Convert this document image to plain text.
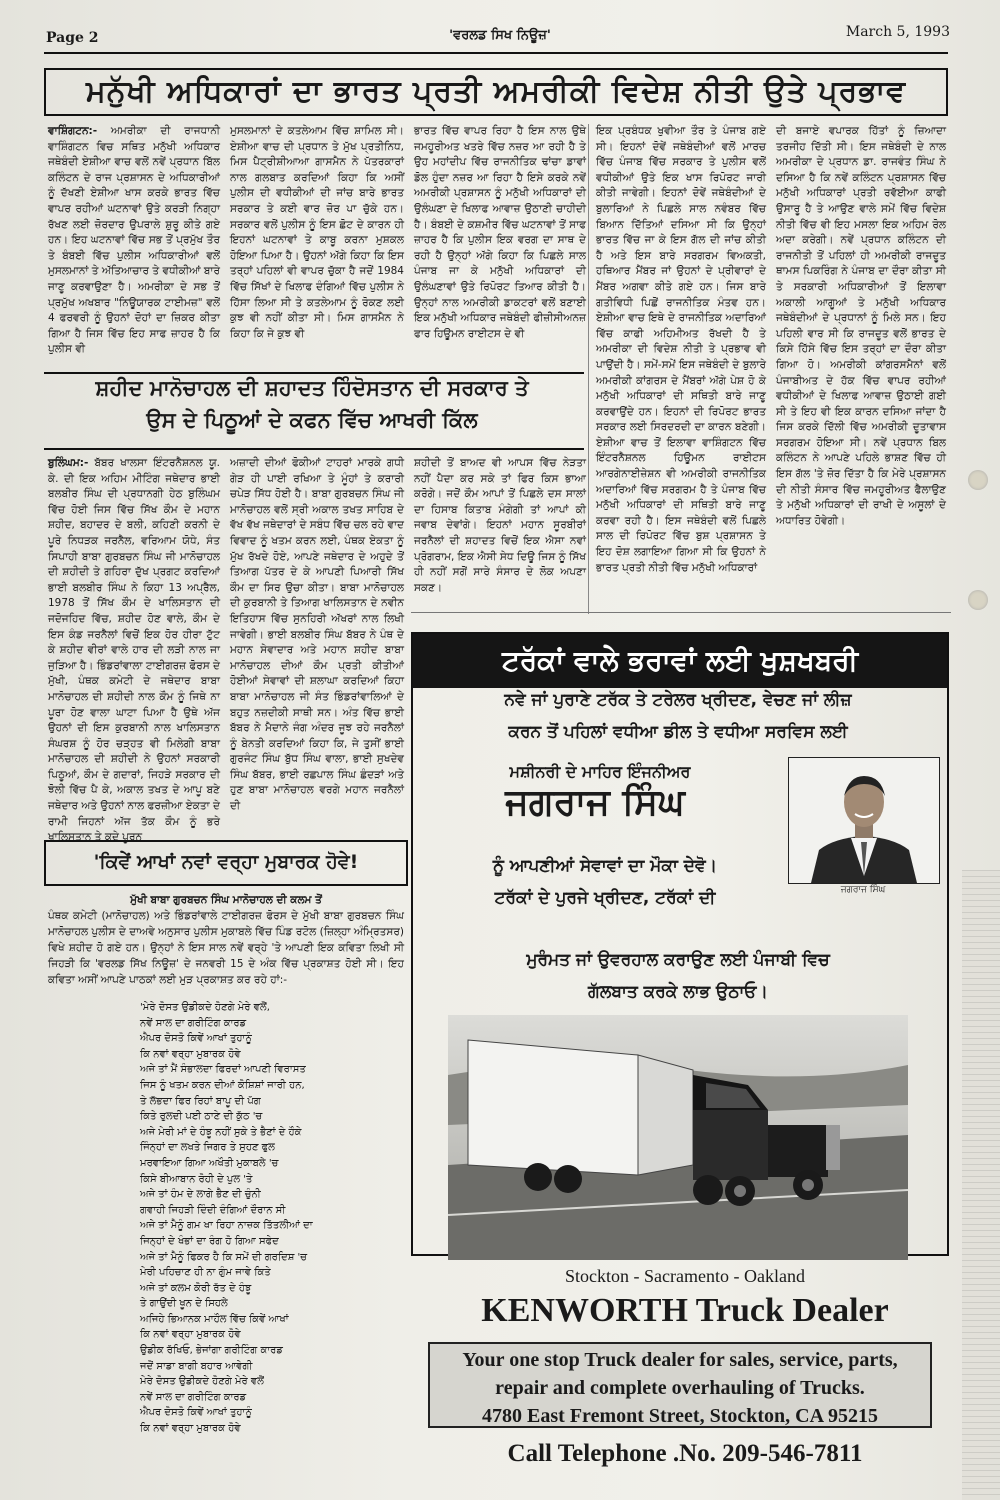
Page 2	'ਵਰਲਡ ਸਿਖ ਨਿਊਜ਼'	March 5, 1993
ਮਨੁੱਖੀ ਅਧਿਕਾਰਾਂ ਦਾ ਭਾਰਤ ਪ੍ਰਤੀ ਅਮਰੀਕੀ ਵਿਦੇਸ਼ ਨੀਤੀ ਉਤੇ ਪ੍ਰਭਾਵ

ਵਾਸ਼ਿੰਗਟਨ:- ਅਮਰੀਕਾ ਦੀ ਰਾਜਧਾਨੀ ਵਾਸ਼ਿੰਗਟਨ ਵਿਚ ਸਥਿਤ ਮਨੁੱਖੀ ਅਧਿਕਾਰ ਜਥੇਬੰਦੀ ਏਸ਼ੀਆ ਵਾਚ ਵਲੋਂ ਨਵੇਂ ਪ੍ਰਧਾਨ ਬਿੱਲ ਕਲਿੰਟਨ ਦੇ ਰਾਜ ਪ੍ਰਸ਼ਾਸਨ ਦੇ ਅਧਿਕਾਰੀਆਂ ਨੂੰ ਦੱਖਣੀ ਏਸ਼ੀਆ ਖਾਸ ਕਰਕੇ ਭਾਰਤ ਵਿੱਚ ਵਾਪਰ ਰਹੀਆਂ ਘਟਨਾਵਾਂ ਉਤੇ ਕਰੜੀ ਨਿਗ੍ਹਾ ਰੱਖਣ ਲਈ ਜ਼ੋਰਦਾਰ ਉਪਰਾਲੇ ਸ਼ੁਰੂ ਕੀਤੇ ਗਏ ਹਨ। ਇਹ ਘਟਨਾਵਾਂ ਵਿੱਚ ਸਭ ਤੋਂ ਪ੍ਰਮੁੱਖ ਤੌਰ ਤੇ ਬੰਬਈ ਵਿੱਚ ਪੁਲੀਸ ਅਧਿਕਾਰੀਆਂ ਵਲੋਂ ਮੁਸਲਮਾਨਾਂ ਤੇ ਅੱਤਿਆਚਾਰ ਤੇ ਵਧੀਕੀਆਂ ਬਾਰੇ ਜਾਣੂ ਕਰਵਾਉਣਾ ਹੈ। ਅਮਰੀਕਾ ਦੇ ਸਭ ਤੋਂ ਪ੍ਰਮੁੱਖ ਅਖਬਾਰ "ਨਿਊਯਾਰਕ ਟਾਈਮਜ਼" ਵਲੋਂ 4 ਫਰਵਰੀ ਨੂੰ ਉਹਨਾਂ ਦੋਹਾਂ ਦਾ ਜ਼ਿਕਰ ਕੀਤਾ ਗਿਆ ਹੈ ਜਿਸ ਵਿੱਚ ਇਹ ਸਾਫ ਜ਼ਾਹਰ ਹੈ ਕਿ ਪੁਲੀਸ ਵੀ

ਮੁਸਲਮਾਨਾਂ ਦੇ ਕਤਲੇਆਮ ਵਿੱਚ ਸ਼ਾਮਿਲ ਸੀ। ਏਸ਼ੀਆ ਵਾਚ ਦੀ ਪ੍ਰਧਾਨ ਤੇ ਮੁੱਖ ਪ੍ਰਤੀਨਿਧ, ਮਿਸ ਪੈਟ੍ਰੀਸ਼ੀਆਆ ਗਾਸਮੈਨ ਨੇ ਪੱਤਰਕਾਰਾਂ ਨਾਲ ਗਲਬਾਤ ਕਰਦਿਆਂ ਕਿਹਾ ਕਿ ਅਸੀਂ ਪੁਲੀਸ ਦੀ ਵਧੀਕੀਆਂ ਦੀ ਜਾਂਚ ਬਾਰੇ ਭਾਰਤ ਸਰਕਾਰ ਤੇ ਕਈ ਵਾਰ ਜ਼ੋਰ ਪਾ ਚੁੱਕੇ ਹਨ। ਸਰਕਾਰ ਵਲੋਂ ਪੁਲੀਸ ਨੂੰ ਇਸ ਛੋਟ ਦੇ ਕਾਰਨ ਹੀ ਇਹਨਾਂ ਘਟਨਾਵਾਂ ਤੇ ਕਾਬੂ ਕਰਨਾ ਮੁਸ਼ਕਲ ਹੋਇਆ ਪਿਆ ਹੈ। ਉਹਨਾਂ ਅੱਗੇ ਕਿਹਾ ਕਿ ਇਸ ਤਰ੍ਹਾਂ ਪਹਿਲਾਂ ਵੀ ਵਾਪਰ ਚੁੱਕਾ ਹੈ ਜਦੋਂ 1984 ਵਿੱਚ ਸਿੱਖਾਂ ਦੇ ਖਿਲਾਫ ਦੰਗਿਆਂ ਵਿੱਚ ਪੁਲੀਸ ਨੇ ਹਿੱਸਾ ਲਿਆ ਸੀ ਤੇ ਕਤਲੇਆਮ ਨੂੰ ਰੋਕਣ ਲਈ ਕੁਝ ਵੀ ਨਹੀਂ ਕੀਤਾ ਸੀ। ਮਿਸ ਗਾਸਮੈਨ ਨੇ ਕਿਹਾ ਕਿ ਜੇ ਕੁਝ ਵੀ

ਭਾਰਤ ਵਿੱਚ ਵਾਪਰ ਰਿਹਾ ਹੈ ਇਸ ਨਾਲ ਉਥੇ ਜਮਹੂਰੀਅਤ ਖਤਰੇ ਵਿੱਚ ਨਜ਼ਰ ਆ ਰਹੀ ਹੈ ਤੇ ਉਹ ਮਹਾਂਦੀਪ ਵਿੱਚ ਰਾਜਨੀਤਿਕ ਢਾਂਚਾ ਡਾਵਾਂ ਡੋਲ ਹੁੰਦਾ ਨਜ਼ਰ ਆ ਰਿਹਾ ਹੈ ਇਸੇ ਕਰਕੇ ਨਵੇਂ ਅਮਰੀਕੀ ਪ੍ਰਸ਼ਾਸਨ ਨੂੰ ਮਨੁੱਖੀ ਅਧਿਕਾਰਾਂ ਦੀ ਉਲੰਘਣਾ ਦੇ ਖਿਲਾਫ ਆਵਾਜ਼ ਉਠਾਣੀ ਚਾਹੀਦੀ ਹੈ। ਬੰਬਈ ਦੇ ਕਸ਼ਮੀਰ ਵਿੱਚ ਘਟਨਾਵਾਂ ਤੋਂ ਸਾਫ ਜ਼ਾਹਰ ਹੈ ਕਿ ਪੁਲੀਸ ਇਕ ਵਰਗ ਦਾ ਸਾਥ ਦੇ ਰਹੀ ਹੈ ਉਨ੍ਹਾਂ ਅੱਗੇ ਕਿਹਾ ਕਿ ਪਿਛਲੇ ਸਾਲ ਪੰਜਾਬ ਜਾ ਕੇ ਮਨੁੱਖੀ ਅਧਿਕਾਰਾਂ ਦੀ ਉਲੰਘਣਾਵਾਂ ਉਤੇ ਰਿਪੋਰਟ ਤਿਆਰ ਕੀਤੀ ਹੈ। ਉਨ੍ਹਾਂ ਨਾਲ ਅਮਰੀਕੀ ਡਾਕਟਰਾਂ ਵਲੋਂ ਬਣਾਈ ਇਕ ਮਨੁੱਖੀ ਅਧਿਕਾਰ ਜਥੇਬੰਦੀ ਫੀਜ਼ੀਸੀਅਨਜ਼ ਫਾਰ ਹਿਊਮਨ ਰਾਈਟਸ ਦੇ ਵੀ

ਇਕ ਪ੍ਰਬੰਧਕ ਖੁਵੀਆ ਤੌਰ ਤੇ ਪੰਜਾਬ ਗਏ ਸੀ। ਇਹਨਾਂ ਦੋਵੇਂ ਜਥੇਬੰਦੀਆਂ ਵਲੋਂ ਮਾਰਚ ਵਿੱਚ ਪੰਜਾਬ ਵਿੱਚ ਸਰਕਾਰ ਤੇ ਪੁਲੀਸ ਵਲੋਂ ਵਧੀਕੀਆਂ ਉਤੇ ਇਕ ਖਾਸ ਰਿਪੋਰਟ ਜਾਰੀ ਕੀਤੀ ਜਾਵੇਗੀ। ਇਹਨਾਂ ਦੋਵੇਂ ਜਥੇਬੰਦੀਆਂ ਦੇ ਬੁਲਾਰਿਆਂ ਨੇ ਪਿਛਲੇ ਸਾਲ ਨਵੰਬਰ ਵਿੱਚ ਬਿਆਨ ਦਿੱਤਿਆਂ ਦਸਿਆ ਸੀ ਕਿ ਉਨ੍ਹਾਂ ਭਾਰਤ ਵਿੱਚ ਜਾ ਕੇ ਇਸ ਗੱਲ ਦੀ ਜਾਂਚ ਕੀਤੀ ਹੈ ਅਤੇ ਇਸ ਬਾਰੇ ਸਰਗਰਮ ਵਿਅਕਤੀ, ਹਥਿਆਰ ਮੈਂਬਰ ਜਾਂ ਉਹਨਾਂ ਦੇ ਪ੍ਰੀਵਾਰਾਂ ਦੇ ਮੈਂਬਰ ਅਗਵਾ ਕੀਤੇ ਗਏ ਹਨ। ਜਿਸ ਬਾਰੇ ਗਤੀਵਿਧੀ ਪਿਛੋਂ ਰਾਜਨੀਤਿਕ ਮੰਤਵ ਹਨ। ਏਸ਼ੀਆ ਵਾਚ ਇਥੇ ਦੇ ਰਾਜਨੀਤਿਕ ਅਦਾਰਿਆਂ ਵਿੱਚ ਕਾਫੀ ਅਹਿਮੀਅਤ ਰੱਖਦੀ ਹੈ ਤੇ ਅਮਰੀਕਾ ਦੀ ਵਿਦੇਸ਼ ਨੀਤੀ ਤੇ ਪ੍ਰਭਾਵ ਵੀ ਪਾਉਂਦੀ ਹੈ। ਸਮੇਂ-ਸਮੇਂ ਇਸ ਜਥੇਬੰਦੀ ਦੇ ਬੁਲਾਰੇ ਅਮਰੀਕੀ ਕਾਂਗਰਸ ਦੇ ਮੈਂਬਰਾਂ ਅੱਗੇ ਪੇਸ਼ ਹੋ ਕੇ ਮਨੁੱਖੀ ਅਧਿਕਾਰਾਂ ਦੀ ਸਥਿਤੀ ਬਾਰੇ ਜਾਣੂ ਕਰਵਾਉਂਦੇ ਹਨ। ਇਹਨਾਂ ਦੀ ਰਿਪੋਰਟ ਭਾਰਤ ਸਰਕਾਰ ਲਈ ਸਿਰਦਰਦੀ ਦਾ ਕਾਰਨ ਬਣੇਗੀ। ਏਸ਼ੀਆ ਵਾਚ ਤੋਂ ਇਲਾਵਾ ਵਾਸ਼ਿੰਗਟਨ ਵਿੱਚ ਇੰਟਰਨੈਸ਼ਨਲ ਹਿਊਮਨ ਰਾਈਟਸ ਆਰਗੇਨਾਈਜ਼ੇਸ਼ਨ ਵੀ ਅਮਰੀਕੀ ਰਾਜਨੀਤਿਕ ਅਦਾਰਿਆਂ ਵਿੱਚ ਸਰਗਰਮ ਹੈ ਤੇ ਪੰਜਾਬ ਵਿੱਚ ਮਨੁੱਖੀ ਅਧਿਕਾਰਾਂ ਦੀ ਸਥਿਤੀ ਬਾਰੇ ਜਾਣੂ ਕਰਵਾ ਰਹੀ ਹੈ। ਇਸ ਜਥੇਬੰਦੀ ਵਲੋਂ ਪਿਛਲੇ ਸਾਲ ਦੀ ਰਿਪੋਰਟ ਵਿੱਚ ਬੁਸ਼ ਪ੍ਰਸ਼ਾਸਨ ਤੇ ਇਹ ਦੋਸ਼ ਲਗਾਇਆ ਗਿਆ ਸੀ ਕਿ ਉਹਨਾਂ ਨੇ ਭਾਰਤ ਪ੍ਰਤੀ ਨੀਤੀ ਵਿੱਚ ਮਨੁੱਖੀ ਅਧਿਕਾਰਾਂ

ਦੀ ਬਜਾਏ ਵਪਾਰਕ ਹਿੱਤਾਂ ਨੂੰ ਜ਼ਿਆਦਾ ਤਰਜੀਹ ਦਿੱਤੀ ਸੀ। ਇਸ ਜਥੇਬੰਦੀ ਦੇ ਨਾਲ ਅਮਰੀਕਾ ਦੇ ਪ੍ਰਧਾਨ ਡਾ. ਰਾਜਵੰਤ ਸਿੰਘ ਨੇ ਦਸਿਆ ਹੈ ਕਿ ਨਵੇਂ ਕਲਿੰਟਨ ਪ੍ਰਸ਼ਾਸਨ ਵਿੱਚ ਮਨੁੱਖੀ ਅਧਿਕਾਰਾਂ ਪ੍ਰਤੀ ਰਵੱਈਆ ਕਾਫੀ ਉਸਾਰੂ ਹੈ ਤੇ ਆਉਣ ਵਾਲੇ ਸਮੇਂ ਵਿੱਚ ਵਿਦੇਸ਼ ਨੀਤੀ ਵਿੱਚ ਵੀ ਇਹ ਮਸਲਾ ਇਕ ਅਹਿਮ ਰੋਲ ਅਦਾ ਕਰੇਗੀ। ਨਵੇਂ ਪ੍ਰਧਾਨ ਕਲਿੰਟਨ ਦੀ ਰਾਜਨੀਤੀ ਤੋਂ ਪਹਿਲਾਂ ਹੀ ਅਮਰੀਕੀ ਰਾਜਦੂਤ ਥਾਮਸ ਪਿਕਰਿੰਗ ਨੇ ਪੰਜਾਬ ਦਾ ਦੌਰਾ ਕੀਤਾ ਸੀ ਤੇ ਸਰਕਾਰੀ ਅਧਿਕਾਰੀਆਂ ਤੋਂ ਇਲਾਵਾ ਅਕਾਲੀ ਆਗੂਆਂ ਤੇ ਮਨੁੱਖੀ ਅਧਿਕਾਰ ਜਥੇਬੰਦੀਆਂ ਦੇ ਪ੍ਰਧਾਨਾਂ ਨੂੰ ਮਿਲੇ ਸਨ। ਇਹ ਪਹਿਲੀ ਵਾਰ ਸੀ ਕਿ ਰਾਜਦੂਤ ਵਲੋਂ ਭਾਰਤ ਦੇ ਕਿਸੇ ਹਿੱਸੇ ਵਿੱਚ ਇਸ ਤਰ੍ਹਾਂ ਦਾ ਦੌਰਾ ਕੀਤਾ ਗਿਆ ਹੋ। ਅਮਰੀਕੀ ਕਾਂਗਰਸਮੈਨਾਂ ਵਲੋਂ ਪੰਜਾਬੀਅਤ ਦੇ ਹੱਕ ਵਿੱਚ ਵਾਪਰ ਰਹੀਆਂ ਵਧੀਕੀਆਂ ਦੇ ਖਿਲਾਫ ਆਵਾਜ਼ ਉਠਾਈ ਗਈ ਸੀ ਤੇ ਇਹ ਵੀ ਇਕ ਕਾਰਨ ਦਸਿਆ ਜਾਂਦਾ ਹੈ ਜਿਸ ਕਰਕੇ ਦਿੱਲੀ ਵਿੱਚ ਅਮਰੀਕੀ ਦੂਤਾਵਾਸ ਸਰਗਰਮ ਹੋਇਆ ਸੀ। ਨਵੇਂ ਪ੍ਰਧਾਨ ਬਿਲ ਕਲਿੰਟਨ ਨੇ ਆਪਣੇ ਪਹਿਲੇ ਭਾਸ਼ਣ ਵਿੱਚ ਹੀ ਇਸ ਗੱਲ 'ਤੇ ਜ਼ੋਰ ਦਿੱਤਾ ਹੈ ਕਿ ਮੇਰੇ ਪ੍ਰਸ਼ਾਸਨ ਦੀ ਨੀਤੀ ਸੰਸਾਰ ਵਿੱਚ ਜਮਹੂਰੀਅਤ ਫੈਲਾਉਣ ਤੇ ਮਨੁੱਖੀ ਅਧਿਕਾਰਾਂ ਦੀ ਰਾਖੀ ਦੇ ਅਸੂਲਾਂ ਦੇ ਅਧਾਰਿਤ ਹੋਵੇਗੀ।

ਸ਼ਹੀਦ ਮਾਨੋਚਾਹਲ ਦੀ ਸ਼ਹਾਦਤ ਹਿੰਦੋਸਤਾਨ ਦੀ ਸਰਕਾਰ ਤੇ
ਉਸ ਦੇ ਪਿਠੂਆਂ ਦੇ ਕਫਨ ਵਿੱਚ ਆਖਰੀ ਕਿੱਲ

ਬੁਲਿੰਘਮ:- ਬੱਬਰ ਖਾਲਸਾ ਇੰਟਰਨੈਸ਼ਨਲ ਯੂ. ਕੇ. ਦੀ ਇਕ ਅਹਿਮ ਮੀਟਿੰਗ ਜਥੇਦਾਰ ਭਾਈ ਬਲਬੀਰ ਸਿੰਘ ਦੀ ਪ੍ਰਧਾਨਗੀ ਹੇਠ ਬੁਲਿੰਘਮ ਵਿੱਚ ਹੋਈ ਜਿਸ ਵਿੱਚ ਸਿੱਖ ਕੌਮ ਦੇ ਮਹਾਨ ਸ਼ਹੀਦ, ਬਹਾਦਰ ਦੇ ਬਲੀ, ਕਹਿਣੀ ਕਰਨੀ ਦੇ ਪੂਰੇ ਨਿਧੜਕ ਜਰਨੈਲ, ਵਰਿਆਮ ਯੋਧੇ, ਸੰਤ ਸਿਪਾਹੀ ਬਾਬਾ ਗੁਰਬਚਨ ਸਿੰਘ ਜੀ ਮਾਨੋਚਾਹਲ ਦੀ ਸ਼ਹੀਦੀ ਤੇ ਗਹਿਰਾ ਦੁੱਖ ਪ੍ਰਗਟ ਕਰਦਿਆਂ ਭਾਈ ਬਲਬੀਰ ਸਿੰਘ ਨੇ ਕਿਹਾ 13 ਅਪ੍ਰੈਲ, 1978 ਤੋਂ ਸਿੱਖ ਕੌਮ ਦੇ ਖਾਲਿਸਤਾਨ ਦੀ ਜਦੋਜਹਿਦ ਵਿੱਚ, ਸ਼ਹੀਦ ਹੋਣ ਵਾਲੇ, ਕੌਮ ਦੇ ਇਸ ਕੰਡ ਜਰਨੈਲਾਂ ਵਿਚੋਂ ਇਕ ਹੋਰ ਹੀਰਾ ਟੁੱਟ ਕੇ ਸ਼ਹੀਦ ਵੀਰਾਂ ਵਾਲੇ ਹਾਰ ਦੀ ਲੜੀ ਨਾਲ ਜਾ ਜੁੜਿਆ ਹੈ। ਭਿੰਡਰਾਂਵਾਲਾ ਟਾਈਗਰਜ਼ ਫੋਰਸ ਦੇ ਮੁੱਖੀ, ਪੰਥਕ ਕਮੇਟੀ ਦੇ ਜਥੇਦਾਰ ਬਾਬਾ ਮਾਨੋਚਾਹਲ ਦੀ ਸ਼ਹੀਦੀ ਨਾਲ ਕੌਮ ਨੂੰ ਜਿਥੇ ਨਾ ਪੂਰਾ ਹੋਣ ਵਾਲਾ ਘਾਟਾ ਪਿਆ ਹੈ ਉਥੇ ਅੱਜ ਉਹਨਾਂ ਦੀ ਇਸ ਕੁਰਬਾਨੀ ਨਾਲ ਖਾਲਿਸਤਾਨ ਸੰਘਰਸ਼ ਨੂੰ ਹੋਰ ਚੜ੍ਹਤ ਵੀ ਮਿਲੇਗੀ ਬਾਬਾ ਮਾਨੋਚਾਹਲ ਦੀ ਸ਼ਹੀਦੀ ਨੇ ਉਹਨਾਂ ਸਰਕਾਰੀ ਪਿਠੂਆਂ, ਕੌਮ ਦੇ ਗਦਾਰਾਂ, ਜਿਹੜੇ ਸਰਕਾਰ ਦੀ ਝੋਲੀ ਵਿੱਚ ਪੈ ਕੇ, ਅਕਾਲ ਤਖਤ ਦੇ ਆਪੂ ਬਣੇ ਜਥੇਦਾਰ ਅਤੇ ਉਹਨਾਂ ਨਾਲ ਫਰਜ਼ੀਆ ਏਕਤਾ ਦੇ ਰਾਮੀ ਜਿਹਨਾਂ ਅੱਜ ਤੱਕ ਕੌਮ ਨੂੰ ਭਰੇ ਖਾਲਿਸਤਾਨ ਤੇ ਕਦੇ ਪੂਰਨ

ਅਜ਼ਾਦੀ ਦੀਆਂ ਫੋਕੀਆਂ ਟਾਹਰਾਂ ਮਾਰਕੇ ਗਧੀ ਗੇੜ ਹੀ ਪਾਈ ਰਖਿਆ ਤੇ ਮੂੰਹਾਂ ਤੇ ਕਰਾਰੀ ਚਪੇੜ ਸਿੱਧ ਹੋਈ ਹੈ। ਬਾਬਾ ਗੁਰਬਚਨ ਸਿੰਘ ਜੀ ਮਾਨੋਚਾਹਲ ਵਲੋਂ ਸ੍ਰੀ ਅਕਾਲ ਤਖਤ ਸਾਹਿਬ ਦੇ ਵੱਖ ਵੱਖ ਜਥੇਦਾਰਾਂ ਦੇ ਸਬੰਧ ਵਿੱਚ ਚਲ ਰਹੇ ਵਾਦ ਵਿਵਾਦ ਨੂੰ ਖਤਮ ਕਰਨ ਲਈ, ਪੰਥਕ ਏਕਤਾ ਨੂੰ ਮੁੱਖ ਰੱਖਦੇ ਹੋਏ, ਆਪਣੇ ਜਥੇਦਾਰ ਦੇ ਅਹੁਦੇ ਤੋਂ ਤਿਆਗ ਪੱਤਰ ਦੇ ਕੇ ਆਪਣੀ ਪਿਆਰੀ ਸਿੱਖ ਕੌਮ ਦਾ ਸਿਰ ਉਚਾ ਕੀਤਾ। ਬਾਬਾ ਮਾਨੋਚਾਹਲ ਦੀ ਕੁਰਬਾਨੀ ਤੇ ਤਿਆਗ ਖਾਲਿਸਤਾਨ ਦੇ ਨਵੀਨ ਇਤਿਹਾਸ ਵਿੱਚ ਸੁਨਹਿਰੀ ਅੱਖਰਾਂ ਨਾਲ ਲਿਖੀ ਜਾਵੇਗੀ। ਭਾਈ ਬਲਬੀਰ ਸਿੰਘ ਬੱਬਰ ਨੇ ਪੰਥ ਦੇ ਮਹਾਨ ਸੇਵਾਦਾਰ ਅਤੇ ਮਹਾਨ ਸ਼ਹੀਦ ਬਾਬਾ ਮਾਨੋਚਾਹਲ ਦੀਆਂ ਕੌਮ ਪ੍ਰਤੀ ਕੀਤੀਆਂ ਹੋਈਆਂ ਸੇਵਾਵਾਂ ਦੀ ਸ਼ਲਾਘਾ ਕਰਦਿਆਂ ਕਿਹਾ ਬਾਬਾ ਮਾਨੋਚਾਹਲ ਜੀ ਸੰਤ ਭਿੰਡਰਾਂਵਾਲਿਆਂ ਦੇ ਬਹੁਤ ਨਜ਼ਦੀਕੀ ਸਾਥੀ ਸਨ। ਅੰਤ ਵਿੱਚ ਭਾਈ ਬੱਬਰ ਨੇ ਮੈਦਾਨੇ ਜੰਗ ਅੰਦਰ ਜੂਝ ਰਹੇ ਜਰਨੈਲਾਂ ਨੂੰ ਬੇਨਤੀ ਕਰਦਿਆਂ ਕਿਹਾ ਕਿ, ਜੇ ਤੁਸੀਂ ਭਾਈ ਗੁਰਜੰਟ ਸਿੰਘ ਬੁੱਧ ਸਿੰਘ ਵਾਲਾ, ਭਾਈ ਸੁਖਦੇਵ ਸਿੰਘ ਬੱਬਰ, ਭਾਈ ਰਛਪਾਲ ਸਿੰਘ ਛੰਦੜਾਂ ਅਤੇ ਹੁਣ ਬਾਬਾ ਮਾਨੋਚਾਹਲ ਵਰਗੇ ਮਹਾਨ ਜਰਨੈਲਾਂ ਦੀ

ਸ਼ਹੀਦੀ ਤੋਂ ਬਾਅਦ ਵੀ ਆਪਸ ਵਿੱਚ ਨੇੜਤਾ ਨਹੀਂ ਪੈਦਾ ਕਰ ਸਕੇ ਤਾਂ ਫਿਰ ਕਿਸ ਭਾਆ ਕਰੋਗੇ। ਜਦੋਂ ਕੌਮ ਆਪਾਂ ਤੋਂ ਪਿਛਲੇ ਦਸ ਸਾਲਾਂ ਦਾ ਹਿਸਾਬ ਕਿਤਾਬ ਮੰਗੇਗੀ ਤਾਂ ਆਪਾਂ ਕੀ ਜਵਾਬ ਦੇਵਾਂਗੇ। ਇਹਨਾਂ ਮਹਾਨ ਸੂਰਬੀਰਾਂ ਜਰਨੈਲਾਂ ਦੀ ਸ਼ਹਾਦਤ ਵਿਚੋਂ ਇਕ ਐਸਾ ਨਵਾਂ ਪ੍ਰੋਗਰਾਮ, ਇਕ ਐਸੀ ਸੇਧ ਦਿਊ ਜਿਸ ਨੂੰ ਸਿੱਖ ਹੀ ਨਹੀਂ ਸਗੋਂ ਸਾਰੇ ਸੰਸਾਰ ਦੇ ਲੋਕ ਅਪਣਾ ਸਕਣ।

'ਕਿਵੇਂ ਆਖਾਂ ਨਵਾਂ ਵਰ੍ਹਾ ਮੁਬਾਰਕ ਹੋਵੇ!
ਮੁੱਖੀ ਬਾਬਾ ਗੁਰਬਚਨ ਸਿੰਘ ਮਾਨੋਚਾਹਲ ਦੀ ਕਲਮ ਤੋਂ
ਪੰਥਕ ਕਮੇਟੀ (ਮਾਨੋਚਾਹਲ) ਅਤੇ ਭਿੰਡਰਾਂਵਾਲੇ ਟਾਈਗਰਜ਼ ਫੋਰਸ ਦੇ ਮੁੱਖੀ ਬਾਬਾ ਗੁਰਬਚਨ ਸਿੰਘ ਮਾਨੋਚਾਹਲ ਪੁਲੀਸ ਦੇ ਦਾਅਵੇ ਅਨੁਸਾਰ ਪੁਲੀਸ ਮੁਕਾਬਲੇ ਵਿੱਚ ਪਿੰਡ ਰਟੋਲ (ਜ਼ਿਲ੍ਹਾ ਅੰਮ੍ਰਿਤਸਰ) ਵਿਖੇ ਸ਼ਹੀਦ ਹੋ ਗਏ ਹਨ। ਉਨ੍ਹਾਂ ਨੇ ਇਸ ਸਾਲ ਨਵੇਂ ਵਰ੍ਹੇ 'ਤੇ ਆਪਣੀ ਇਕ ਕਵਿਤਾ ਲਿਖੀ ਸੀ ਜਿਹੜੀ ਕਿ 'ਵਰਲਡ ਸਿੱਖ ਨਿਊਜ਼' ਦੇ ਜਨਵਰੀ 15 ਦੇ ਅੰਕ ਵਿੱਚ ਪ੍ਰਕਾਸ਼ਤ ਹੋਈ ਸੀ। ਇਹ ਕਵਿਤਾ ਅਸੀਂ ਆਪਣੇ ਪਾਠਕਾਂ ਲਈ ਮੁੜ ਪ੍ਰਕਾਸ਼ਤ ਕਰ ਰਹੇ ਹਾਂ:-
'ਮੇਰੇ ਦੋਸਤ ਉਡੀਕਦੇ ਹੋਣਗੇ ਮੇਰੇ ਵਲੋਂ,
ਨਵੇਂ ਸਾਲ ਦਾ ਗਰੀਟਿੰਗ ਕਾਰਡ
ਐਪਰ ਦੋਸਤੋ ਕਿਵੇਂ ਆਖਾਂ ਤੁਹਾਨੂੰ
ਕਿ ਨਵਾਂ ਵਰ੍ਹਾ ਮੁਬਾਰਕ ਹੋਵੇ
ਅਜੇ ਤਾਂ ਮੈਂ ਸੰਭਾਲਦਾ ਫਿਰਦਾਂ ਆਪਣੀ ਵਿਰਾਸਤ
ਜਿਸ ਨੂੰ ਖਤਮ ਕਰਨ ਦੀਆਂ ਕੋਸ਼ਿਸ਼ਾਂ ਜਾਰੀ ਹਨ,
ਤੇ ਲੱਭਦਾ ਫਿਰ ਰਿਹਾਂ ਬਾਪੂ ਦੀ ਪੱਗ
ਕਿਤੇ ਰੁਲਦੀ ਪਈ ਠਾਣੇ ਦੀ ਕੁੱਠ 'ਚ
ਅਜੇ ਮੇਰੀ ਮਾਂ ਦੇ ਹੰਝੂ ਨਹੀਂ ਸੁਕੇ ਤੇ ਭੈਣਾਂ ਦੇ ਹੌਕੇ
ਜਿੰਨ੍ਹਾਂ ਦਾ ਲਖਤੇ ਜਿਗਰ ਤੇ ਸੁਹਣ ਫੁਲ
ਮਰਵਾਇਆ ਗਿਆ ਅਖੌਤੀ ਮੁਕਾਬਲੇ 'ਚ
ਕਿਸੇ ਬੀਆਬਾਨ ਰੋਹੀ ਦੇ ਪੁਲ 'ਤੇ
ਅਜੇ ਤਾਂ ਹੰਮ ਦੇ ਲਾਗੇ ਭੈਣ ਦੀ ਚੁੰਨੀ
ਗਵਾਹੀ ਜਿਹੜੀ ਦਿੰਦੀ ਦੰਗਿਆਂ ਦੌਰਾਨ ਸੀ
ਅਜੇ ਤਾਂ ਮੈਨੂੰ ਗਮ ਖਾ ਰਿਹਾ ਨਾਜ਼ਕ ਤਿੱਤਲੀਆਂ ਦਾ
ਜਿਨ੍ਹਾਂ ਦੇ ਖੰਭਾਂ ਦਾ ਰੰਗ ਹੋ ਗਿਆ ਸਫੇਦ
ਅਜੇ ਤਾਂ ਮੈਨੂੰ ਫਿਕਰ ਹੈ ਕਿ ਸਮੇਂ ਦੀ ਗਰਦਿਸ਼ 'ਚ
ਮੇਰੀ ਪਹਿਚਾਣ ਹੀ ਨਾ ਗੁੰਮ ਜਾਵੇ ਕਿਤੇ
ਅਜੇ ਤਾਂ ਕਲਮ ਕੋਰੀ ਰੱਤ ਦੇ ਹੰਝੂ
ਤੇ ਗਾਉਂਦੀ ਖੂਨ ਦੇ ਸਿਹਲੇ
ਅਜਿਹੇ ਭਿਆਨਕ ਮਾਹੌਲ ਵਿੱਚ ਕਿਵੇਂ ਆਖਾਂ
ਕਿ ਨਵਾਂ ਵਰ੍ਹਾ ਮੁਬਾਰਕ ਹੋਵੇ
ਉਡੀਕ ਰੱਖਿਓ, ਭੇਜਾਂਗਾ ਗਰੀਟਿੰਗ ਕਾਰਡ
ਜਦੋਂ ਸਾਡਾ ਬਾਗੀ ਬਹਾਰ ਆਵੇਗੀ
ਮੇਰੇ ਦੋਸਤ ਉਡੀਕਦੇ ਹੋਣਗੇ ਮੇਰੇ ਵਲੋਂ
ਨਵੇਂ ਸਾਲ ਦਾ ਗਰੀਟਿੰਗ ਕਾਰਡ
ਐਪਰ ਦੋਸਤੋ ਕਿਵੇਂ ਆਖਾਂ ਤੁਹਾਨੂੰ
ਕਿ ਨਵਾਂ ਵਰ੍ਹਾ ਮੁਬਾਰਕ ਹੋਵੇ
ਟਰੱਕਾਂ ਵਾਲੇ ਭਰਾਵਾਂ ਲਈ ਖੁਸ਼ਖਬਰੀ
ਨਵੇ ਜਾਂ ਪੁਰਾਣੇ ਟਰੱਕ ਤੇ ਟਰੇਲਰ ਖ੍ਰੀਦਣ, ਵੇਚਣ ਜਾਂ ਲੀਜ਼
ਕਰਨ ਤੋਂ ਪਹਿਲਾਂ ਵਧੀਆ ਡੀਲ ਤੇ ਵਧੀਆ ਸਰਵਿਸ ਲਈ
ਮਸ਼ੀਨਰੀ ਦੇ ਮਾਹਿਰ ਇੰਜਨੀਅਰ
ਜਗਰਾਜ ਸਿੰਘ
ਨੂੰ ਆਪਣੀਆਂ ਸੇਵਾਵਾਂ ਦਾ ਮੌਕਾ ਦੇਵੋ।
ਟਰੱਕਾਂ ਦੇ ਪੁਰਜੇ ਖ੍ਰੀਦਣ, ਟਰੱਕਾਂ ਦੀ
ਮੁਰੰਮਤ ਜਾਂ ਉਵਰਹਾਲ ਕਰਾਉਣ ਲਈ ਪੰਜਾਬੀ ਵਿਚ
ਗੱਲਬਾਤ ਕਰਕੇ ਲਾਭ ਉਠਾਓ।
ਜਗਰਾਜ ਸਿੰਘ
Stockton - Sacramento - Oakland
KENWORTH Truck Dealer
Your one stop Truck dealer for sales, service, parts,
repair and complete overhauling of Trucks.
4780 East Fremont Street, Stockton, CA 95215
Call Telephone .No. 209-546-7811
